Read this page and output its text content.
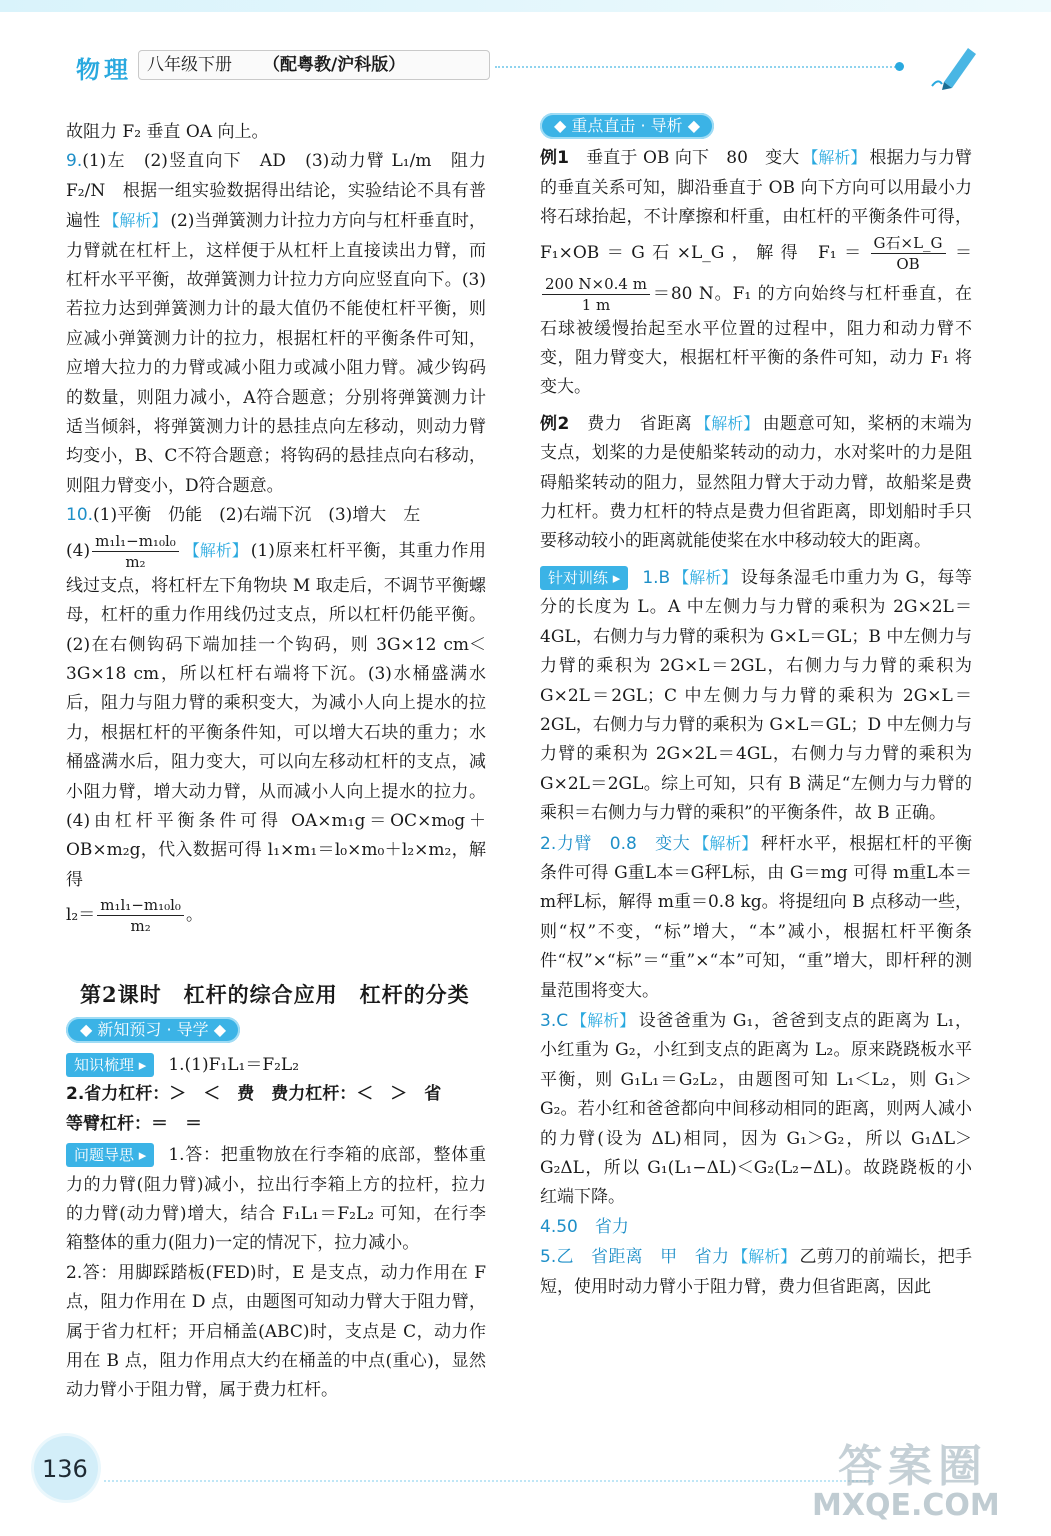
物理 八年级下册 （配粤教/沪科版）

故阻力 F₂ 垂直 OA 向上。

9.(1)左　(2)竖直向下　AD　(3)动力臂 L₁/m　阻力 F₂/N　根据一组实验数据得出结论，实验结论不具有普遍性 【解析】 (2)当弹簧测力计拉力方向与杠杆垂直时，力臂就在杠杆上，这样便于从杠杆上直接读出力臂，而杠杆水平平衡，故弹簧测力计拉力方向应竖直向下。(3)若拉力达到弹簧测力计的最大值仍不能使杠杆平衡，则应减小弹簧测力计的拉力，根据杠杆的平衡条件可知，应增大拉力的力臂或减小阻力或减小阻力臂。减少钩码的数量，则阻力减小，A符合题意；分别将弹簧测力计适当倾斜，将弹簧测力计的悬挂点向左移动，则动力臂均变小，B、C不符合题意；将钩码的悬挂点向右移动，则阻力臂变小，D符合题意。

10.(1)平衡　仍能　(2)右端下沉　(3)增大　左
$(4) \frac{\text{m₁l₁−m₁₀l₀}}{\text{m₂}}$ 【解析】 (1)原来杠杆平衡，其重力作用线过支点，将杠杆左下角物块 M 取走后，不调节平衡螺母，杠杆的重力作用线仍过支点，所以杠杆仍能平衡。(2)在右侧钩码下端加挂一个钩码，则 3G×12 cm＜3G×18 cm，所以杠杆右端将下沉。(3)水桶盛满水后，阻力与阻力臂的乘积变大，为减小人向上提水的拉力，根据杠杆的平衡条件知，可以增大石块的重力；水桶盛满水后，阻力变大，可以向左移动杠杆的支点，减小阻力臂，增大动力臂，从而减小人向上提水的拉力。(4)由杠杆平衡条件可得 OA×m₁g＝OC×m₀g＋OB×m₂g，代入数据可得 l₁×m₁＝l₀×m₀＋l₂×m₂，解得
$l_2= \frac{\text{m₁l₁−m₁₀l₀}}{\text{m₂}}$ 。

第2课时　杠杆的综合应用　杠杆的分类
◆ 新知预习 · 导学 ◆

知识梳理 ▸ 1.(1)F₁L₁＝F₂L₂

2.省力杠杆：＞　＜　费　费力杠杆：＜　＞　省

等臂杠杆：＝　＝

问题导思 ▸ 1.答：把重物放在行李箱的底部，整体重力的力臂(阻力臂)减小，拉出行李箱上方的拉杆，拉力的力臂(动力臂)增大，结合 F₁L₁＝F₂L₂ 可知，在行李箱整体的重力(阻力)一定的情况下，拉力减小。

2.答：用脚踩踏板(FED)时，E 是支点，动力作用在 F 点，阻力作用在 D 点，由题图可知动力臂大于阻力臂，属于省力杠杆；开启桶盖(ABC)时，支点是 C，动力作用在 B 点，阻力作用点大约在桶盖的中点(重心)，显然动力臂小于阻力臂，属于费力杠杆。

◆ 重点直击 · 导析 ◆

例1　垂直于 OB 向下　80　变大 【解析】 根据力与力臂的垂直关系可知，脚沿垂直于 OB 向下方向可以用最小力将石球抬起，不计摩擦和杆重，由杠杆的平衡条件可得，F₁×OB＝G石×L_G，解得 $F_1= \frac{\text{G石×L\_G}}{OB}$ ＝
$\frac{200 N\times 0.4 m}{1 m} =80$ N。F₁ 的方向始终与杠杆垂直，在石球被缓慢抬起至水平位置的过程中，阻力和动力臂不变，阻力臂变大，根据杠杆平衡的条件可知，动力 F₁ 将变大。

例2　费力　省距离 【解析】 由题意可知，桨柄的末端为支点，划桨的力是使船桨转动的动力，水对桨叶的力是阻碍船桨转动的阻力，显然阻力臂大于动力臂，故船桨是费力杠杆。费力杠杆的特点是费力但省距离，即划船时手只要移动较小的距离就能使桨在水中移动较大的距离。

针对训练 ▸ 1.B 【解析】 设每条湿毛巾重力为 G，每等分的长度为 L。A 中左侧力与力臂的乘积为 2G×2L＝4GL，右侧力与力臂的乘积为 G×L＝GL；B 中左侧力与力臂的乘积为 2G×L＝2GL，右侧力与力臂的乘积为 G×2L＝2GL；C 中左侧力与力臂的乘积为 2G×L＝2GL，右侧力与力臂的乘积为 G×L＝GL；D 中左侧力与力臂的乘积为 2G×2L＝4GL，右侧力与力臂的乘积为 G×2L＝2GL。综上可知，只有 B 满足“左侧力与力臂的乘积＝右侧力与力臂的乘积”的平衡条件，故 B 正确。

2.力臂　0.8　变大 【解析】 秤杆水平，根据杠杆的平衡条件可得 G重L本＝G秤L标，由 G＝mg 可得 m重L本＝m秤L标，解得 m重＝0.8 kg。将提纽向 B 点移动一些，则“权”不变，“标”增大，“本”减小，根据杠杆平衡条件“权”×“标”＝“重”×“本”可知，“重”增大，即杆秤的测量范围将变大。

3.C 【解析】 设爸爸重为 G₁，爸爸到支点的距离为 L₁，小红重为 G₂，小红到支点的距离为 L₂。原来跷跷板水平平衡，则 G₁L₁＝G₂L₂，由题图可知 L₁＜L₂，则 G₁＞G₂。若小红和爸爸都向中间移动相同的距离，则两人减小的力臂(设为 ΔL)相同，因为 G₁＞G₂，所以 G₁ΔL＞G₂ΔL，所以 G₁(L₁−ΔL)＜G₂(L₂−ΔL)。故跷跷板的小红端下降。

4.50　省力

5.乙　省距离　甲　省力 【解析】 乙剪刀的前端长，把手短，使用时动力臂小于阻力臂，费力但省距离，因此

136	答案圈
MXQE.COM
